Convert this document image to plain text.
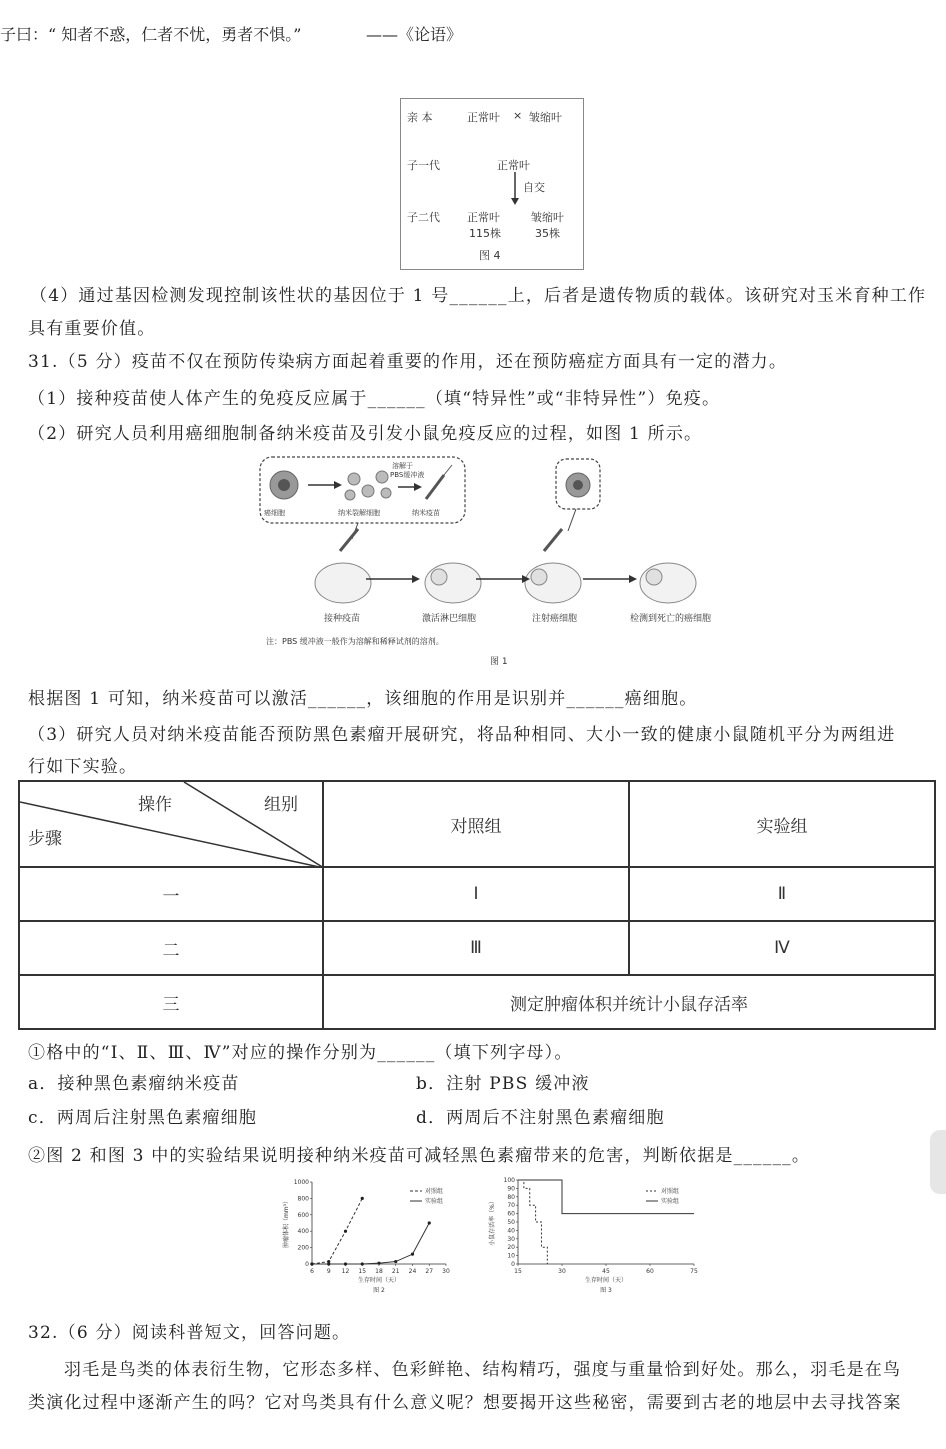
子曰：“ 知者不惑，仁者不忧，勇者不惧。”	——《论语》
亲 本	正常叶 × 皱缩叶
子一代	正常叶
自交
子二代 正常叶	皱缩叶
115株	35株
图 4
（4）通过基因检测发现控制该性状的基因位于 1 号______上，后者是遗传物质的载体。该研究对玉米育种工作
具有重要价值。
31.（5 分）疫苗不仅在预防传染病方面起着重要的作用，还在预防癌症方面具有一定的潜力。
（1）接种疫苗使人体产生的免疫反应属于______（填“特异性”或“非特异性”）免疫。
（2）研究人员利用癌细胞制备纳米疫苗及引发小鼠免疫反应的过程，如图 1 所示。
溶解于
PBS缓冲液
癌细胞	纳米裂解细胞	纳米疫苗
接种疫苗	激活淋巴细胞	注射癌细胞	检测到死亡的癌细胞
注：PBS 缓冲液一般作为溶解和稀释试剂的溶剂。
图 1
根据图 1 可知，纳米疫苗可以激活______，该细胞的作用是识别并______癌细胞。
（3）研究人员对纳米疫苗能否预防黑色素瘤开展研究，将品种相同、大小一致的健康小鼠随机平分为两组进
行如下实验。
操作 组别
步骤	对照组	实验组
一	Ⅰ	Ⅱ
二	Ⅲ	Ⅳ
三	测定肿瘤体积并统计小鼠存活率	
①格中的“Ⅰ、Ⅱ、Ⅲ、Ⅳ”对应的操作分别为______（填下列字母）。
a．接种黑色素瘤纳米疫苗	b．注射 PBS 缓冲液
c．两周后注射黑色素瘤细胞	d．两周后不注射黑色素瘤细胞
②图 2 和图 3 中的实验结果说明接种纳米疫苗可减轻黑色素瘤带来的危害，判断依据是______。
6 9 12 15 18 21 24 27 30
0
200
400
600
800
1000
生存时间（天）
肿瘤体积（mm³）
图 2
对照组
实验组
15	30	45	60	75
0
10
20
30
40
50
60
70
80
90
100
生存时间（天）
小鼠存活率（%）
图 3
对照组
实验组
32.（6 分）阅读科普短文，回答问题。
羽毛是鸟类的体表衍生物，它形态多样、色彩鲜艳、结构精巧，强度与重量恰到好处。那么，羽毛是在鸟
类演化过程中逐渐产生的吗？它对鸟类具有什么意义呢？想要揭开这些秘密，需要到古老的地层中去寻找答案
